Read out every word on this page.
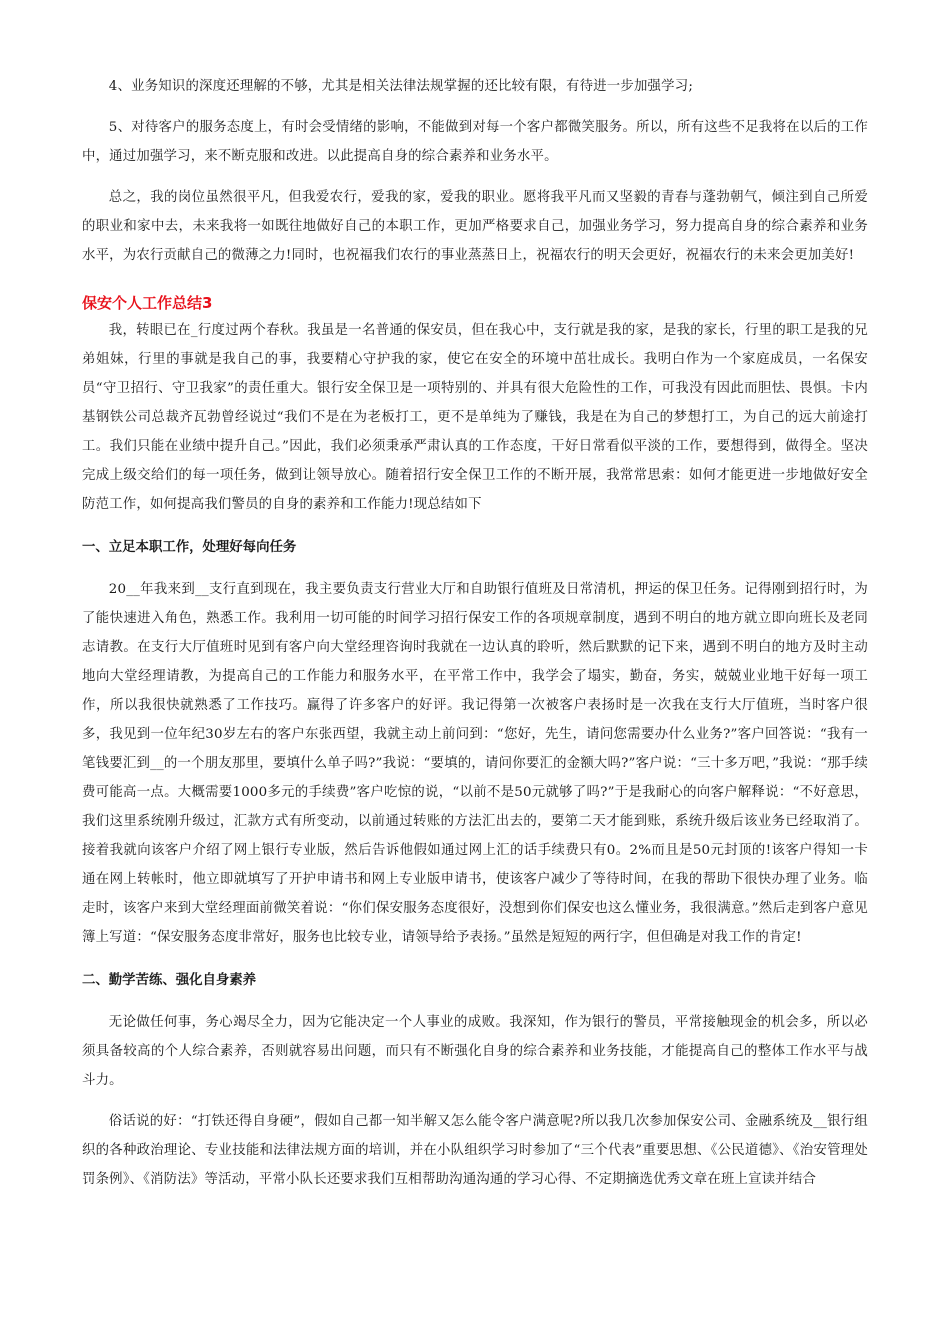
4、业务知识的深度还理解的不够，尤其是相关法律法规掌握的还比较有限，有待进一步加强学习;

5、对待客户的服务态度上，有时会受情绪的影响，不能做到对每一个客户都微笑服务。所以，所有这些不足我将在以后的工作中，通过加强学习，来不断克服和改进。以此提高自身的综合素养和业务水平。

总之，我的岗位虽然很平凡，但我爱农行，爱我的家，爱我的职业。愿将我平凡而又坚毅的青春与蓬勃朝气，倾注到自己所爱的职业和家中去，未来我将一如既往地做好自己的本职工作，更加严格要求自己，加强业务学习，努力提高自身的综合素养和业务水平，为农行贡献自己的微薄之力!同时，也祝福我们农行的事业蒸蒸日上，祝福农行的明天会更好，祝福农行的未来会更加美好!

保安个人工作总结3

我，转眼已在_行度过两个春秋。我虽是一名普通的保安员，但在我心中，支行就是我的家，是我的家长，行里的职工是我的兄弟姐妹，行里的事就是我自己的事，我要精心守护我的家，使它在安全的环境中茁壮成长。我明白作为一个家庭成员，一名保安员“守卫招行、守卫我家”的责任重大。银行安全保卫是一项特别的、并具有很大危险性的工作，可我没有因此而胆怯、畏惧。卡内基钢铁公司总裁齐瓦勃曾经说过“我们不是在为老板打工，更不是单纯为了赚钱，我是在为自己的梦想打工，为自己的远大前途打工。我们只能在业绩中提升自己。”因此，我们必须秉承严肃认真的工作态度，干好日常看似平淡的工作，要想得到，做得全。坚决完成上级交给们的每一项任务，做到让领导放心。随着招行安全保卫工作的不断开展，我常常思索：如何才能更进一步地做好安全防范工作，如何提高我们警员的自身的素养和工作能力!现总结如下

一、立足本职工作，处理好每向任务

20__年我来到__支行直到现在，我主要负责支行营业大厅和自助银行值班及日常清机，押运的保卫任务。记得刚到招行时，为了能快速进入角色，熟悉工作。我利用一切可能的时间学习招行保安工作的各项规章制度，遇到不明白的地方就立即向班长及老同志请教。在支行大厅值班时见到有客户向大堂经理咨询时我就在一边认真的聆听，然后默默的记下来，遇到不明白的地方及时主动地向大堂经理请教，为提高自己的工作能力和服务水平，在平常工作中，我学会了塌实，勤奋，务实，兢兢业业地干好每一项工作，所以我很快就熟悉了工作技巧。赢得了许多客户的好评。我记得第一次被客户表扬时是一次我在支行大厅值班，当时客户很多，我见到一位年纪30岁左右的客户东张西望，我就主动上前问到：“您好，先生，请问您需要办什么业务?”客户回答说：“我有一笔钱要汇到__的一个朋友那里，要填什么单子吗?”我说：“要填的，请问你要汇的金额大吗?”客户说：“三十多万吧，”我说：“那手续费可能高一点。大概需要1000多元的手续费”客户吃惊的说，“以前不是50元就够了吗?”于是我耐心的向客户解释说：“不好意思，我们这里系统刚升级过，汇款方式有所变动，以前通过转账的方法汇出去的，要第二天才能到账，系统升级后该业务已经取消了。接着我就向该客户介绍了网上银行专业版，然后告诉他假如通过网上汇的话手续费只有0。2%而且是50元封顶的!该客户得知一卡通在网上转帐时，他立即就填写了开护申请书和网上专业版申请书，使该客户减少了等待时间，在我的帮助下很快办理了业务。临走时，该客户来到大堂经理面前微笑着说：“你们保安服务态度很好，没想到你们保安也这么懂业务，我很满意。”然后走到客户意见簿上写道：“保安服务态度非常好，服务也比较专业，请领导给予表扬。”虽然是短短的两行字，但但确是对我工作的肯定!

二、勤学苦练、强化自身素养

无论做任何事，务心竭尽全力，因为它能决定一个人事业的成败。我深知，作为银行的警员，平常接触现金的机会多，所以必须具备较高的个人综合素养，否则就容易出问题，而只有不断强化自身的综合素养和业务技能，才能提高自己的整体工作水平与战斗力。

俗话说的好：“打铁还得自身硬”，假如自己都一知半解又怎么能令客户满意呢?所以我几次参加保安公司、金融系统及__银行组织的各种政治理论、专业技能和法律法规方面的培训，并在小队组织学习时参加了“三个代表”重要思想、《公民道德》、《治安管理处罚条例》、《消防法》等活动，平常小队长还要求我们互相帮助沟通沟通的学习心得、不定期摘选优秀文章在班上宣读并结合
